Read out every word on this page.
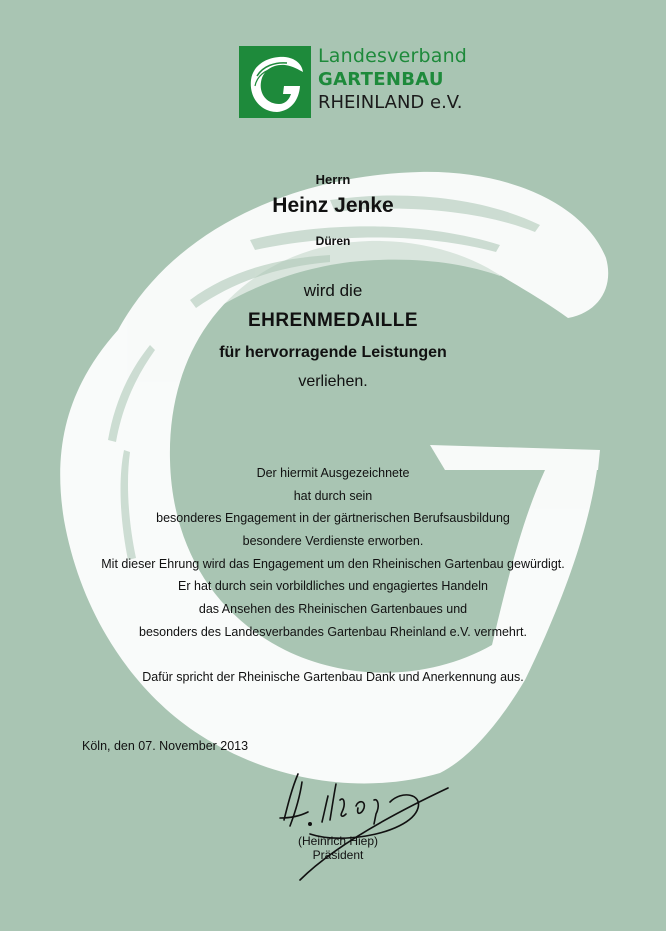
Landesverband
GARTENBAU
RHEINLAND e.V.
Herrn
Heinz Jenke
Düren
wird die
EHRENMEDAILLE
für hervorragende Leistungen
verliehen.
Der hiermit Ausgezeichnete
hat durch sein
besonderes Engagement in der gärtnerischen Berufsausbildung
besondere Verdienste erworben.
Mit dieser Ehrung wird das Engagement um den Rheinischen Gartenbau gewürdigt.
Er hat durch sein vorbildliches und engagiertes Handeln
das Ansehen des Rheinischen Gartenbaues und
besonders des Landesverbandes Gartenbau Rheinland e.V. vermehrt.
Dafür spricht der Rheinische Gartenbau Dank und Anerkennung aus.
Köln, den 07. November 2013
(Heinrich Hiep)
Präsident
